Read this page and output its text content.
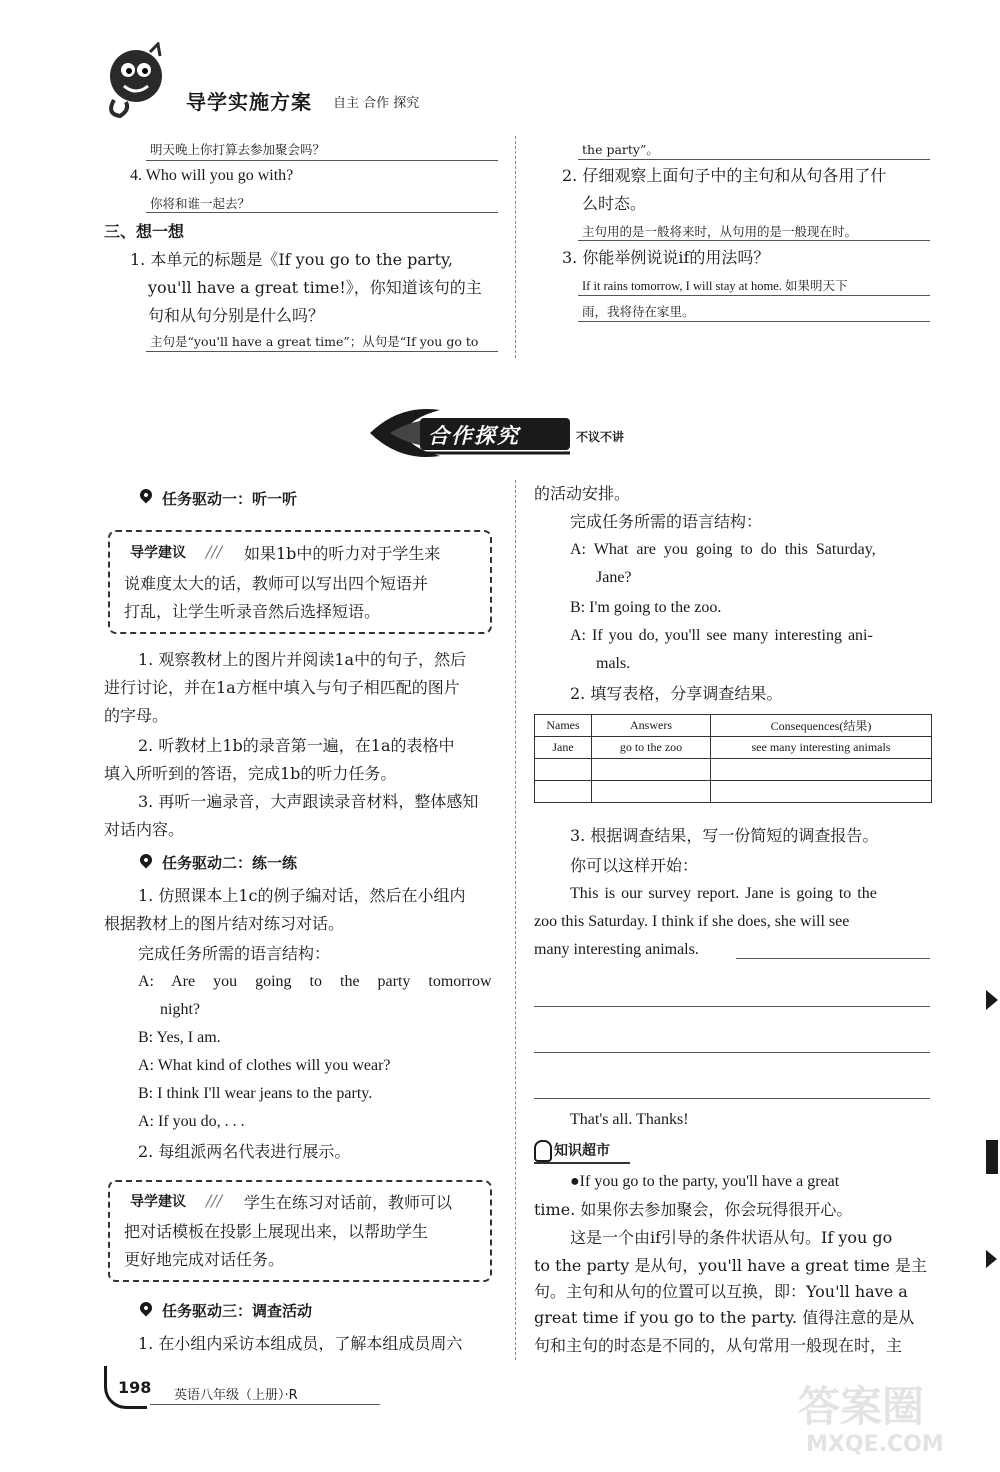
导学实施方案 自主 合作 探究
明天晚上你打算去参加聚会吗？
4. Who will you go with?
你将和谁一起去？
三、想一想
1. 本单元的标题是《If you go to the party,
you'll have a great time!》，你知道该句的主
句和从句分别是什么吗？
主句是“you'll have a great time”；从句是“If you go to
the party”。
2. 仔细观察上面句子中的主句和从句各用了什
么时态。
主句用的是一般将来时，从句用的是一般现在时。
3. 你能举例说说if的用法吗？
If it rains tomorrow, I will stay at home. 如果明天下
雨，我将待在家里。
合作探究	不议不讲
任务驱动一：听一听
导学建议 /// 如果1b中的听力对于学生来
说难度太大的话，教师可以写出四个短语并
打乱，让学生听录音然后选择短语。
1. 观察教材上的图片并阅读1a中的句子，然后
进行讨论，并在1a方框中填入与句子相匹配的图片
的字母。
2. 听教材上1b的录音第一遍，在1a的表格中
填入所听到的答语，完成1b的听力任务。
3. 再听一遍录音，大声跟读录音材料，整体感知
对话内容。
任务驱动二：练一练
1. 仿照课本上1c的例子编对话，然后在小组内
根据教材上的图片结对练习对话。
完成任务所需的语言结构：
A: Are you going to the party tomorrow
night?
B: Yes, I am.
A: What kind of clothes will you wear?
B: I think I'll wear jeans to the party.
A: If you do, . . .
2. 每组派两名代表进行展示。
导学建议 /// 学生在练习对话前，教师可以
把对话模板在投影上展现出来，以帮助学生
更好地完成对话任务。
任务驱动三：调查活动
1. 在小组内采访本组成员，了解本组成员周六
的活动安排。
完成任务所需的语言结构：
A: What are you going to do this Saturday,
Jane?
B: I'm going to the zoo.
A: If you do, you'll see many interesting ani-
mals.
2. 填写表格，分享调查结果。
Names	Answers	Consequences(结果)
Jane	go to the zoo	see many interesting animals

3. 根据调查结果，写一份简短的调查报告。
你可以这样开始：
This is our survey report. Jane is going to the
zoo this Saturday. I think if she does, she will see
many interesting animals.
That's all. Thanks!
知识超市
●If you go to the party, you'll have a great
time. 如果你去参加聚会，你会玩得很开心。
这是一个由if引导的条件状语从句。If you go
to the party 是从句，you'll have a great time 是主
句。主句和从句的位置可以互换，即：You'll have a
great time if you go to the party. 值得注意的是从
句和主句的时态是不同的，从句常用一般现在时，主
198 英语八年级（上册）·R	答案圈
MXQE.COM
